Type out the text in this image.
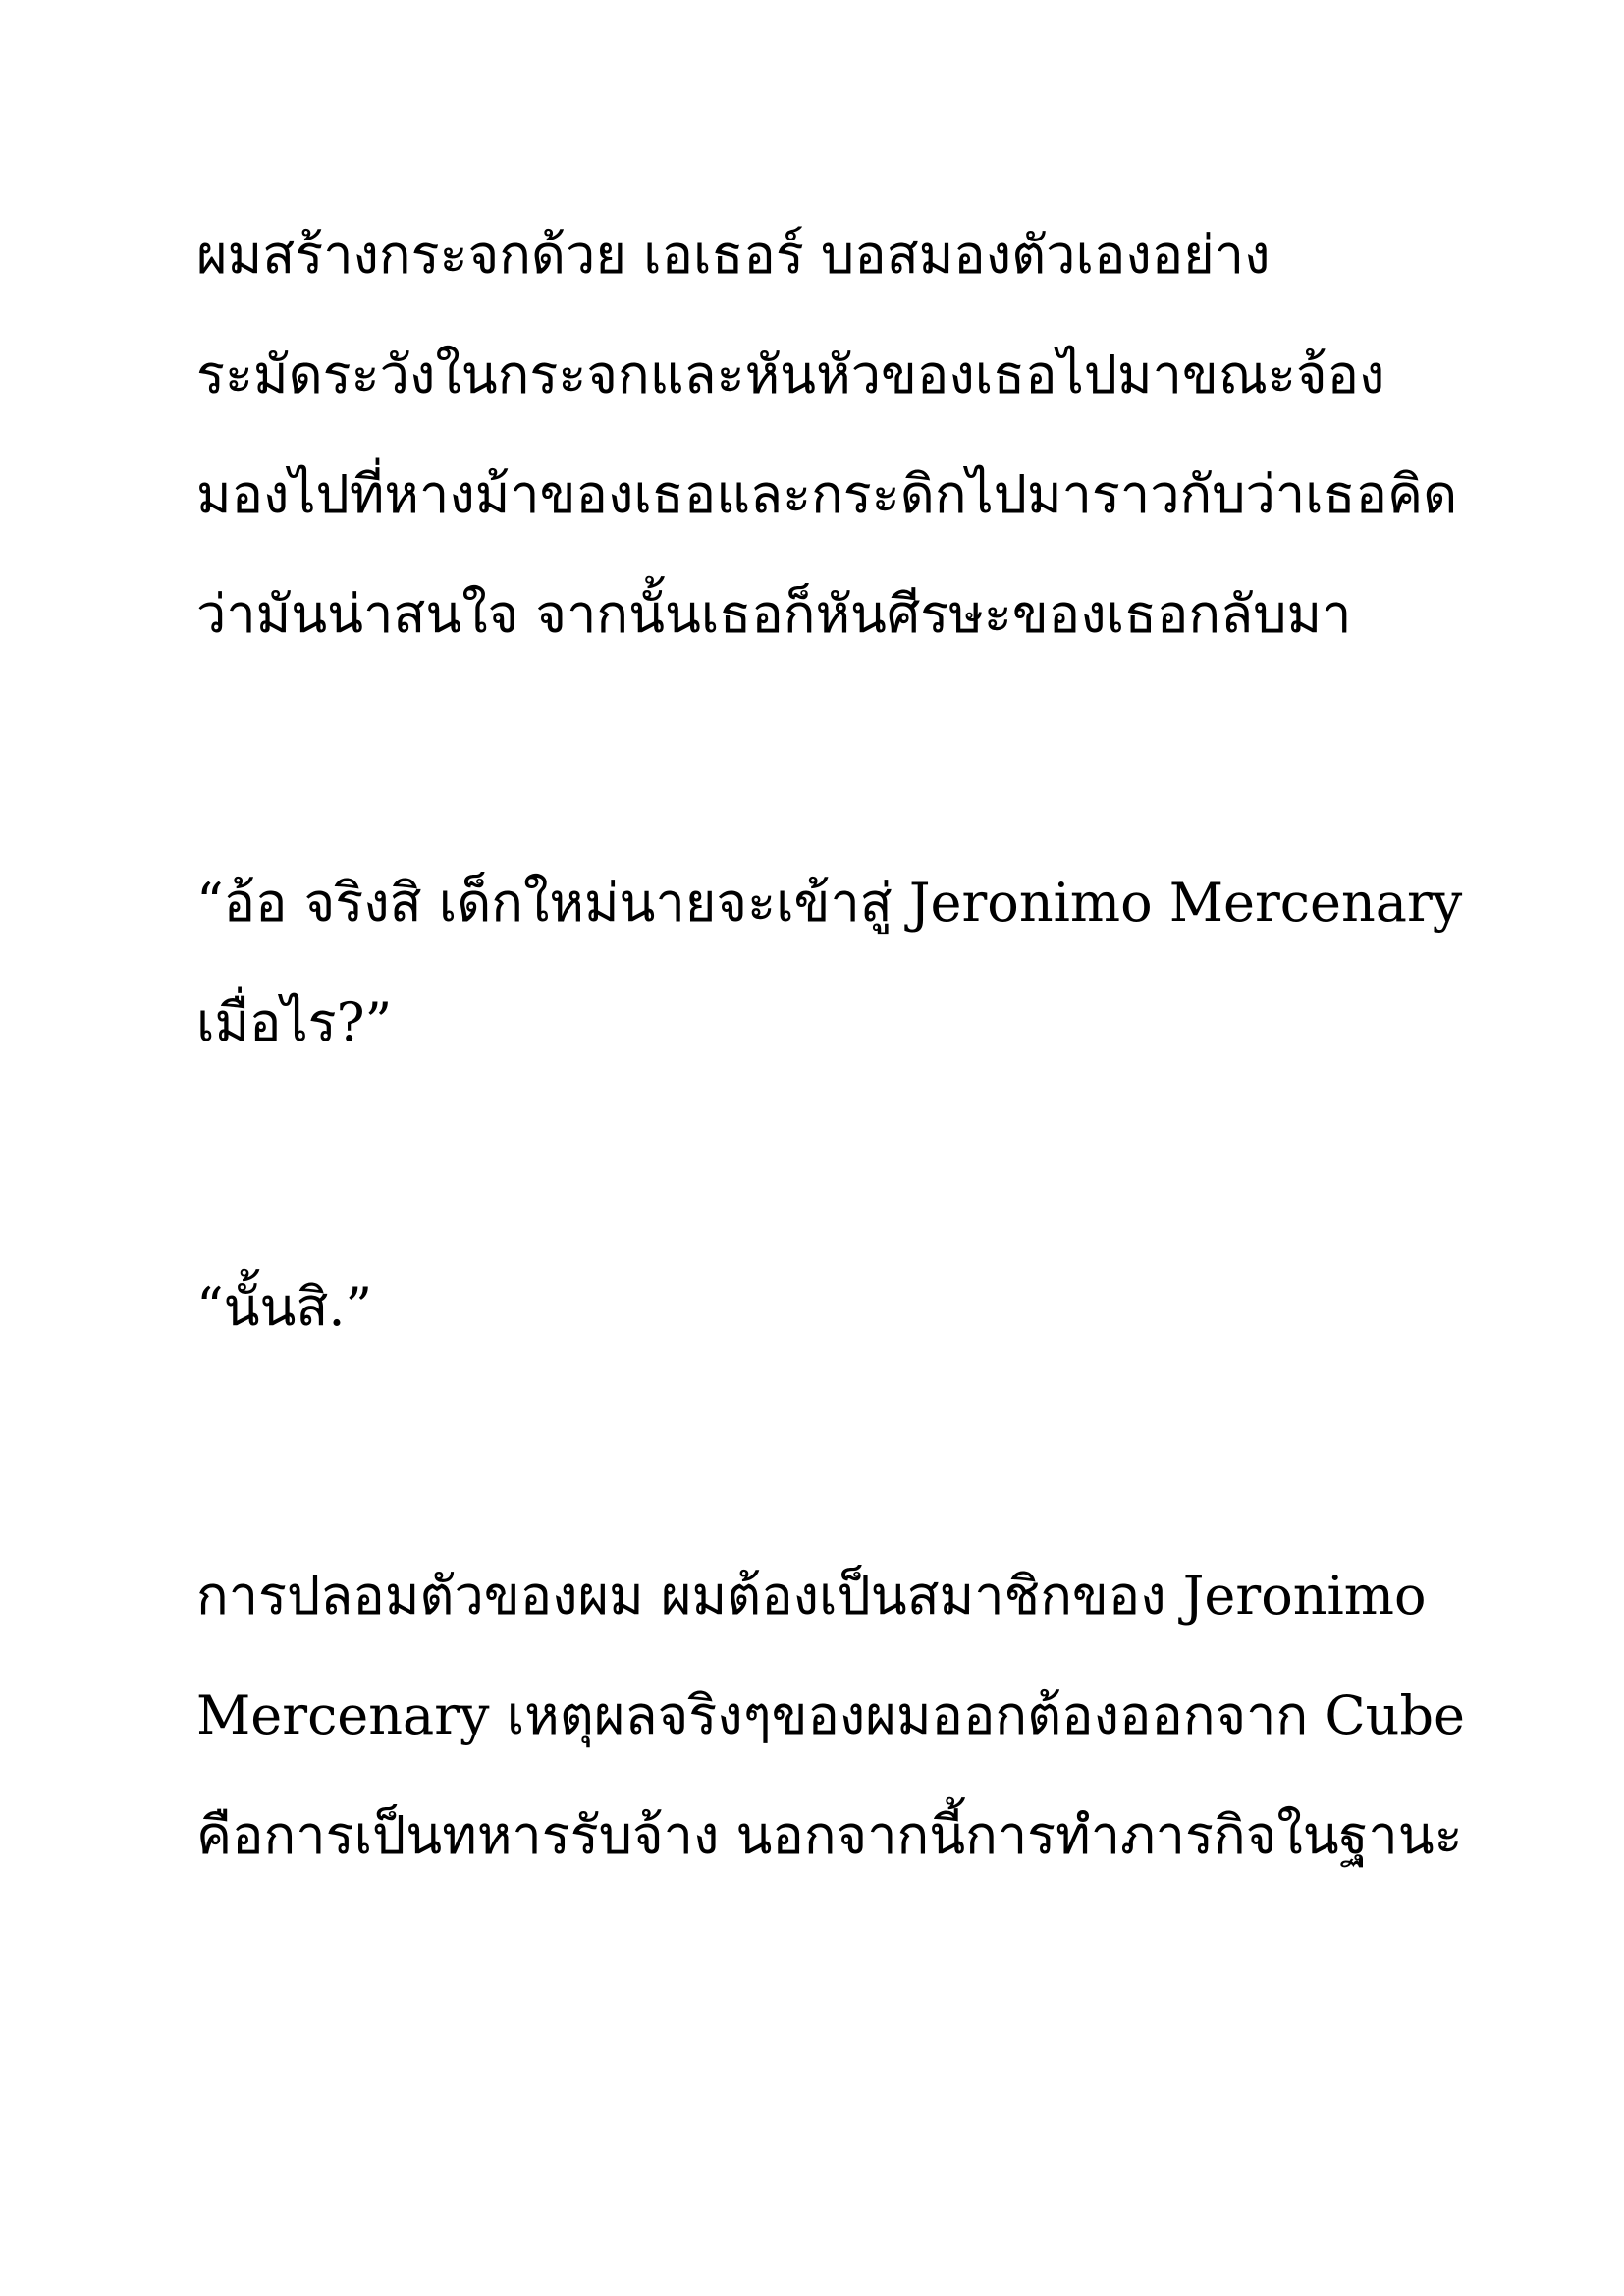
ผมสร้างกระจกด้วย เอเธอร์ บอสมองตัวเองอย่าง
ระมัดระวังในกระจกและหันหัวของเธอไปมาขณะจ้อง
มองไปที่หางม้าของเธอและกระดิกไปมาราวกับว่าเธอคิด
ว่ามันน่าสนใจ จากนั้นเธอก็หันศีรษะของเธอกลับมา
“อ้อ จริงสิ เด็กใหม่นายจะเข้าสู่ Jeronimo Mercenary
เมื่อไร?”
“นั้นสิ.”
การปลอมตัวของผม ผมต้องเป็นสมาชิกของ Jeronimo
Mercenary เหตุผลจริงๆของผมออกต้องออกจาก Cube
คือการเป็นทหารรับจ้าง นอกจากนี้การทำภารกิจในฐานะ
